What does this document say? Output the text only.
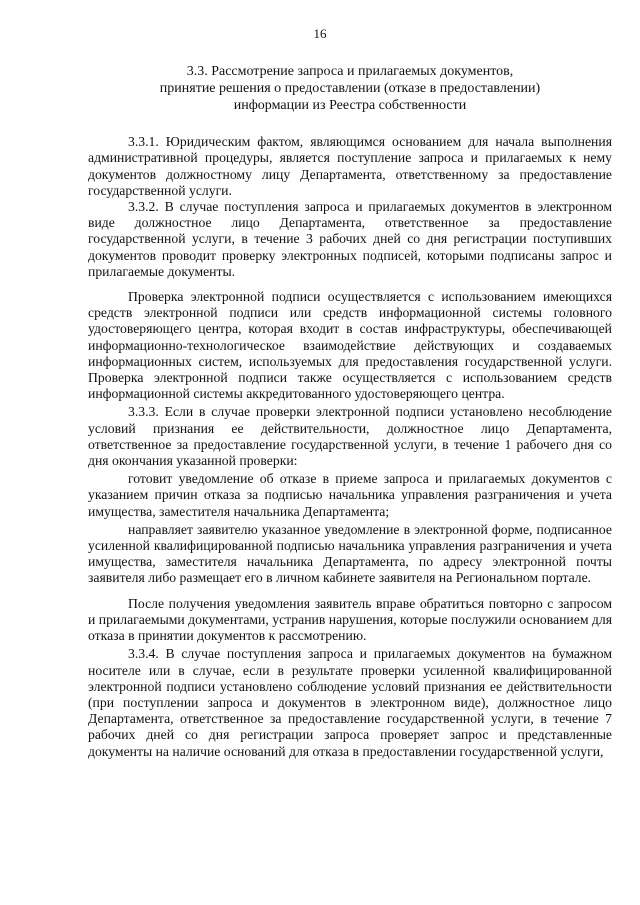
16
3.3. Рассмотрение запроса и прилагаемых документов,
принятие решения о предоставлении (отказе в предоставлении)
информации из Реестра собственности

3.3.1. Юридическим фактом, являющимся основанием для начала выполнения административной процедуры, является поступление запроса и прилагаемых к нему документов должностному лицу Департамента, ответственному за предоставление государственной услуги.

3.3.2. В случае поступления запроса и прилагаемых документов в электронном виде должностное лицо Департамента, ответственное за предоставление государственной услуги, в течение 3 рабочих дней со дня регистрации поступивших документов проводит проверку электронных подписей, которыми подписаны запрос и прилагаемые документы.

Проверка электронной подписи осуществляется с использованием имеющихся средств электронной подписи или средств информационной системы головного удостоверяющего центра, которая входит в состав инфраструктуры, обеспечивающей информационно-технологическое взаимодействие действующих и создаваемых информационных систем, используемых для предоставления государственной услуги. Проверка электронной подписи также осуществляется с использованием средств информационной системы аккредитованного удостоверяющего центра.

3.3.3. Если в случае проверки электронной подписи установлено несоблюдение условий признания ее действительности, должностное лицо Департамента, ответственное за предоставление государственной услуги, в течение 1 рабочего дня со дня окончания указанной проверки:

готовит уведомление об отказе в приеме запроса и прилагаемых документов с указанием причин отказа за подписью начальника управления разграничения и учета имущества, заместителя начальника Департамента;

направляет заявителю указанное уведомление в электронной форме, подписанное усиленной квалифицированной подписью начальника управления разграничения и учета имущества, заместителя начальника Департамента, по адресу электронной почты заявителя либо размещает его в личном кабинете заявителя на Региональном портале.

После получения уведомления заявитель вправе обратиться повторно с запросом и прилагаемыми документами, устранив нарушения, которые послужили основанием для отказа в принятии документов к рассмотрению.

3.3.4. В случае поступления запроса и прилагаемых документов на бумажном носителе или в случае, если в результате проверки усиленной квалифицированной электронной подписи установлено соблюдение условий признания ее действительности (при поступлении запроса и документов в электронном виде), должностное лицо Департамента, ответственное за предоставление государственной услуги, в течение 7 рабочих дней со дня регистрации запроса проверяет запрос и представленные документы на наличие оснований для отказа в предоставлении государственной услуги,
